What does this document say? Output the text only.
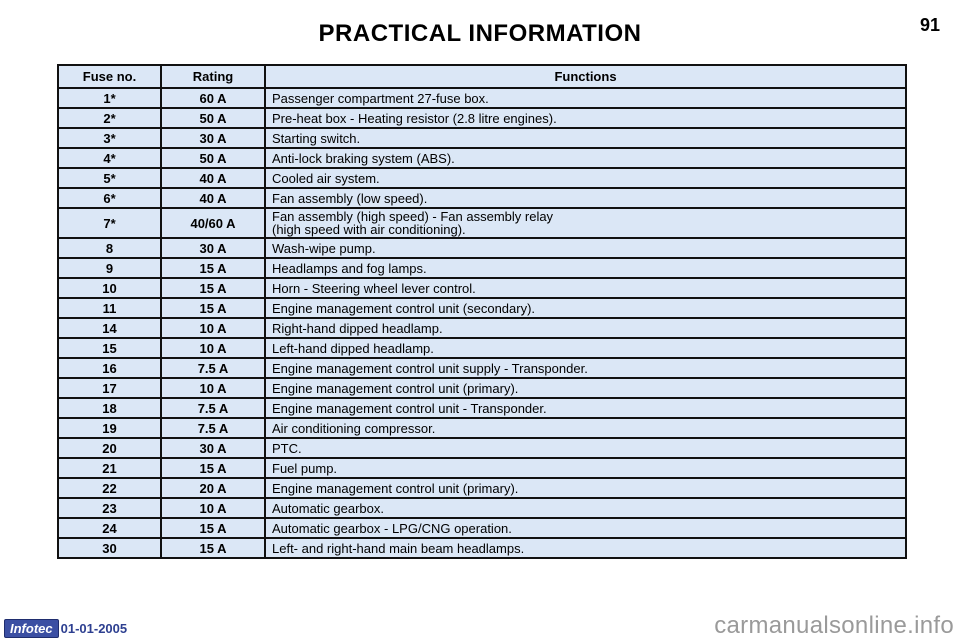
PRACTICAL INFORMATION	91
Fuse no.	Rating	Functions
1*	60 A	Passenger compartment 27-fuse box.

2*	50 A	Pre-heat box - Heating resistor (2.8 litre engines).

3*	30 A	Starting switch.

4*	50 A	Anti-lock braking system (ABS).

5*	40 A	Cooled air system.

6*	40 A	Fan assembly (low speed).

7*	40/60 A	Fan assembly (high speed) - Fan assembly relay
(high speed with air conditioning).

8	30 A	Wash-wipe pump.

9	15 A	Headlamps and fog lamps.

10	15 A	Horn - Steering wheel lever control.

11	15 A	Engine management control unit (secondary).

14	10 A	Right-hand dipped headlamp.

15	10 A	Left-hand dipped headlamp.

16	7.5 A	Engine management control unit supply - Transponder.

17	10 A	Engine management control unit (primary).

18	7.5 A	Engine management control unit - Transponder.

19	7.5 A	Air conditioning compressor.

20	30 A	PTC.

21	15 A	Fuel pump.

22	20 A	Engine management control unit (primary).

23	10 A	Automatic gearbox.

24	15 A	Automatic gearbox - LPG/CNG operation.

30	15 A	Left- and right-hand main beam headlamps.
Infotec 01-01-2005	carmanualsonline.info
